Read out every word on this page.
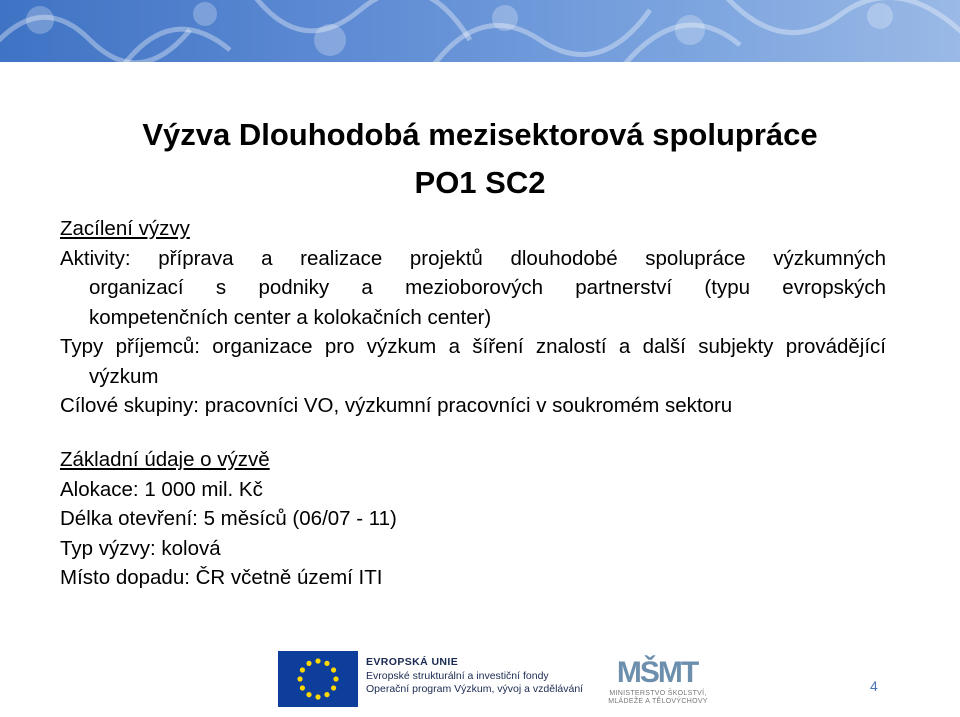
Výzva Dlouhodobá mezisektorová spolupráce
PO1 SC2
Zacílení výzvy
Aktivity: příprava a realizace projektů dlouhodobé spolupráce výzkumných
organizací s podniky a mezioborových partnerství (typu evropských
kompetenčních center a kolokačních center)
Typy příjemců: organizace pro výzkum a šíření znalostí a další subjekty provádějící
výzkum
Cílové skupiny: pracovníci VO, výzkumní pracovníci v soukromém sektoru
Základní údaje o výzvě
Alokace: 1 000 mil. Kč
Délka otevření: 5 měsíců (06/07 - 11)
Typ výzvy: kolová
Místo dopadu: ČR včetně území ITI
EVROPSKÁ UNIE
Evropské strukturální a investiční fondy
Operační program Výzkum, vývoj a vzdělávání MŠMT
MINISTERSTVO ŠKOLSTVÍ,
MLÁDEŽE A TĚLOVÝCHOVY
4
